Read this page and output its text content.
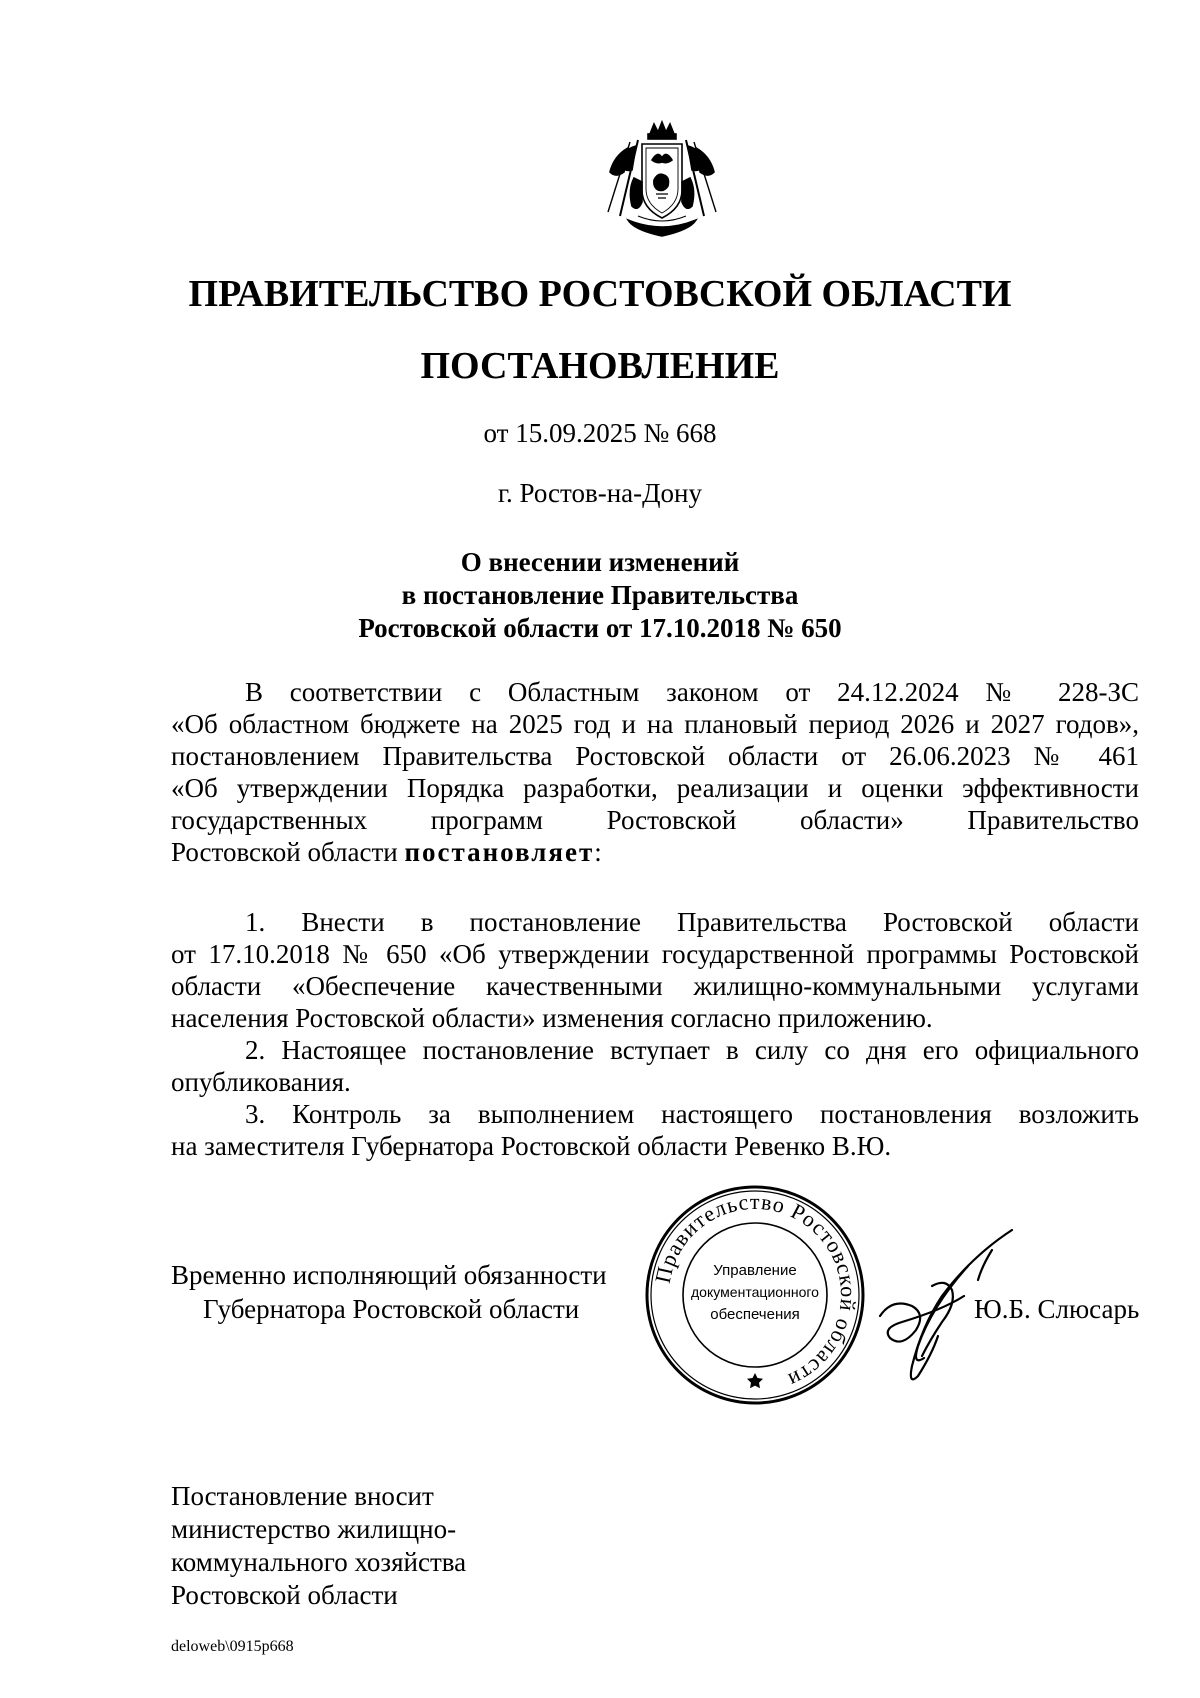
ПРАВИТЕЛЬСТВО РОСТОВСКОЙ ОБЛАСТИ
ПОСТАНОВЛЕНИЕ
от 15.09.2025 № 668
г. Ростов-на-Дону
О внесении изменений
в постановление Правительства
Ростовской области от 17.10.2018 № 650
В соответствии с Областным законом от 24.12.2024 № 228-ЗС
«Об областном бюджете на 2025 год и на плановый период 2026 и 2027 годов»,
постановлением Правительства Ростовской области от 26.06.2023 № 461
«Об утверждении Порядка разработки, реализации и оценки эффективности
государственных программ Ростовской области» Правительство
Ростовской области постановляет:
1. Внести в постановление Правительства Ростовской области
от 17.10.2018 № 650 «Об утверждении государственной программы Ростовской
области «Обеспечение качественными жилищно-коммунальными услугами
населения Ростовской области» изменения согласно приложению.
2. Настоящее постановление вступает в силу со дня его официального
опубликования.
3. Контроль за выполнением настоящего постановления возложить
на заместителя Губернатора Ростовской области Ревенко В.Ю.
Временно исполняющий обязанности
Губернатора Ростовской области
Правительство Ростовской области
Управление
документационного
обеспечения	Ю.Б. Слюсарь
Постановление вносит
министерство жилищно-
коммунального хозяйства
Ростовской области
deloweb\0915p668
